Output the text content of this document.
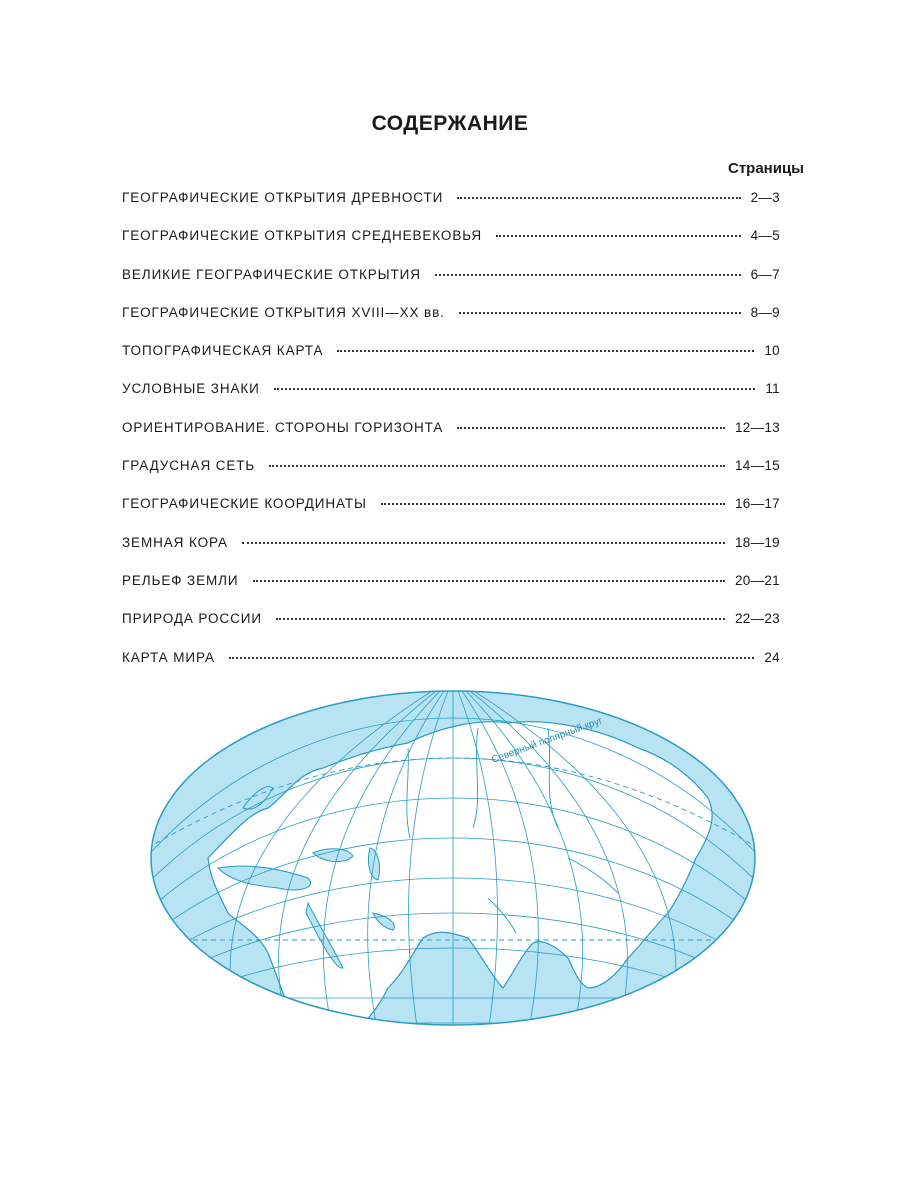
СОДЕРЖАНИЕ
Страницы
ГЕОГРАФИЧЕСКИЕ ОТКРЫТИЯ ДРЕВНОСТИ	2—3
ГЕОГРАФИЧЕСКИЕ ОТКРЫТИЯ СРЕДНЕВЕКОВЬЯ	4—5
ВЕЛИКИЕ ГЕОГРАФИЧЕСКИЕ ОТКРЫТИЯ	6—7
ГЕОГРАФИЧЕСКИЕ ОТКРЫТИЯ XVIII—XX вв.	8—9
ТОПОГРАФИЧЕСКАЯ КАРТА	10
УСЛОВНЫЕ ЗНАКИ	11
ОРИЕНТИРОВАНИЕ. СТОРОНЫ ГОРИЗОНТА	12—13
ГРАДУСНАЯ СЕТЬ	14—15
ГЕОГРАФИЧЕСКИЕ КООРДИНАТЫ	16—17
ЗЕМНАЯ КОРА	18—19
РЕЛЬЕФ ЗЕМЛИ	20—21
ПРИРОДА РОССИИ	22—23
КАРТА МИРА	24
Северный полярный круг
